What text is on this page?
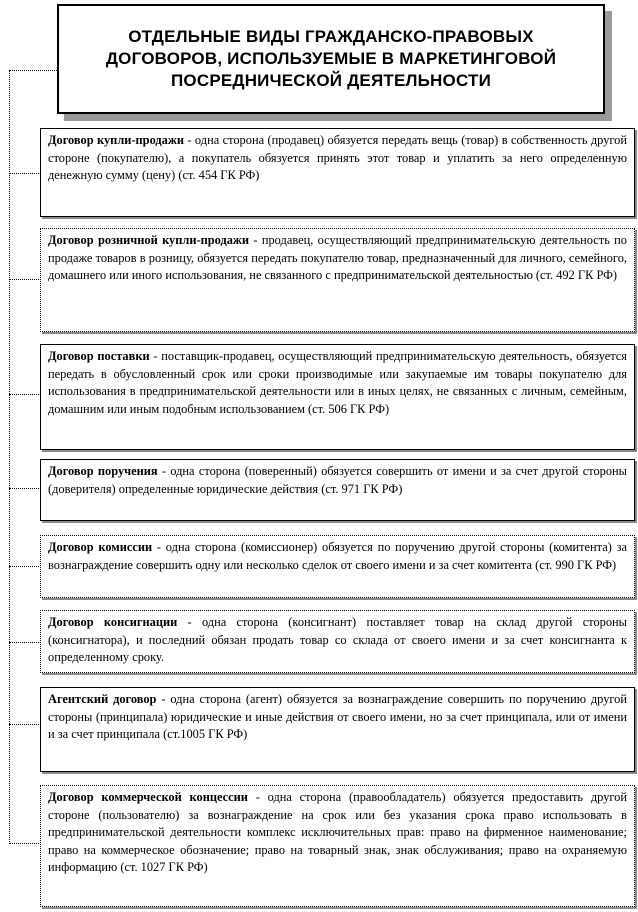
ОТДЕЛЬНЫЕ ВИДЫ ГРАЖДАНСКО-ПРАВОВЫХ ДОГОВОРОВ, ИСПОЛЬЗУЕМЫЕ В МАРКЕТИНГОВОЙ ПОСРЕДНИЧЕСКОЙ ДЕЯТЕЛЬНОСТИ
Договор купли-продажи - одна сторона (продавец) обязуется передать вещь (товар) в собственность другой стороне (покупателю), а покупатель обязуется принять этот товар и уплатить за него определенную денежную сумму (цену) (ст. 454 ГК РФ)
Договор розничной купли-продажи - продавец, осуществляющий предпринимательскую деятельность по продаже товаров в розницу, обязуется передать покупателю товар, предназначенный для личного, семейного, домашнего или иного использования, не связанного с предпринимательской деятельностью (ст. 492 ГК РФ)
Договор поставки - поставщик-продавец, осуществляющий предпринимательскую деятельность, обязуется передать в обусловленный срок или сроки производимые или закупаемые им товары покупателю для использования в предпринимательской деятельности или в иных целях, не связанных с личным, семейным, домашним или иным подобным использованием (ст. 506 ГК РФ)
Договор поручения - одна сторона (поверенный) обязуется совершить от имени и за счет другой стороны (доверителя) определенные юридические действия (ст. 971 ГК РФ)
Договор комиссии - одна сторона (комиссионер) обязуется по поручению другой стороны (комитента) за вознаграждение совершить одну или несколько сделок от своего имени и за счет комитента (ст. 990 ГК РФ)
Договор консигнации - одна сторона (консигнант) поставляет товар на склад другой стороны (консигнатора), и последний обязан продать товар со склада от своего имени и за счет консигнанта к определенному сроку.
Агентский договор - одна сторона (агент) обязуется за вознаграждение совершить по поручению другой стороны (принципала) юридические и иные действия от своего имени, но за счет принципала, или от имени и за счет принципала (ст.1005 ГК РФ)
Договор коммерческой концессии - одна сторона (правообладатель) обязуется предоставить другой стороне (пользователю) за вознаграждение на срок или без указания срока право использовать в предпринимательской деятельности комплекс исключительных прав: право на фирменное наименование; право на коммерческое обозначение; право на товарный знак, знак обслуживания; право на охраняемую информацию (ст. 1027 ГК РФ)
